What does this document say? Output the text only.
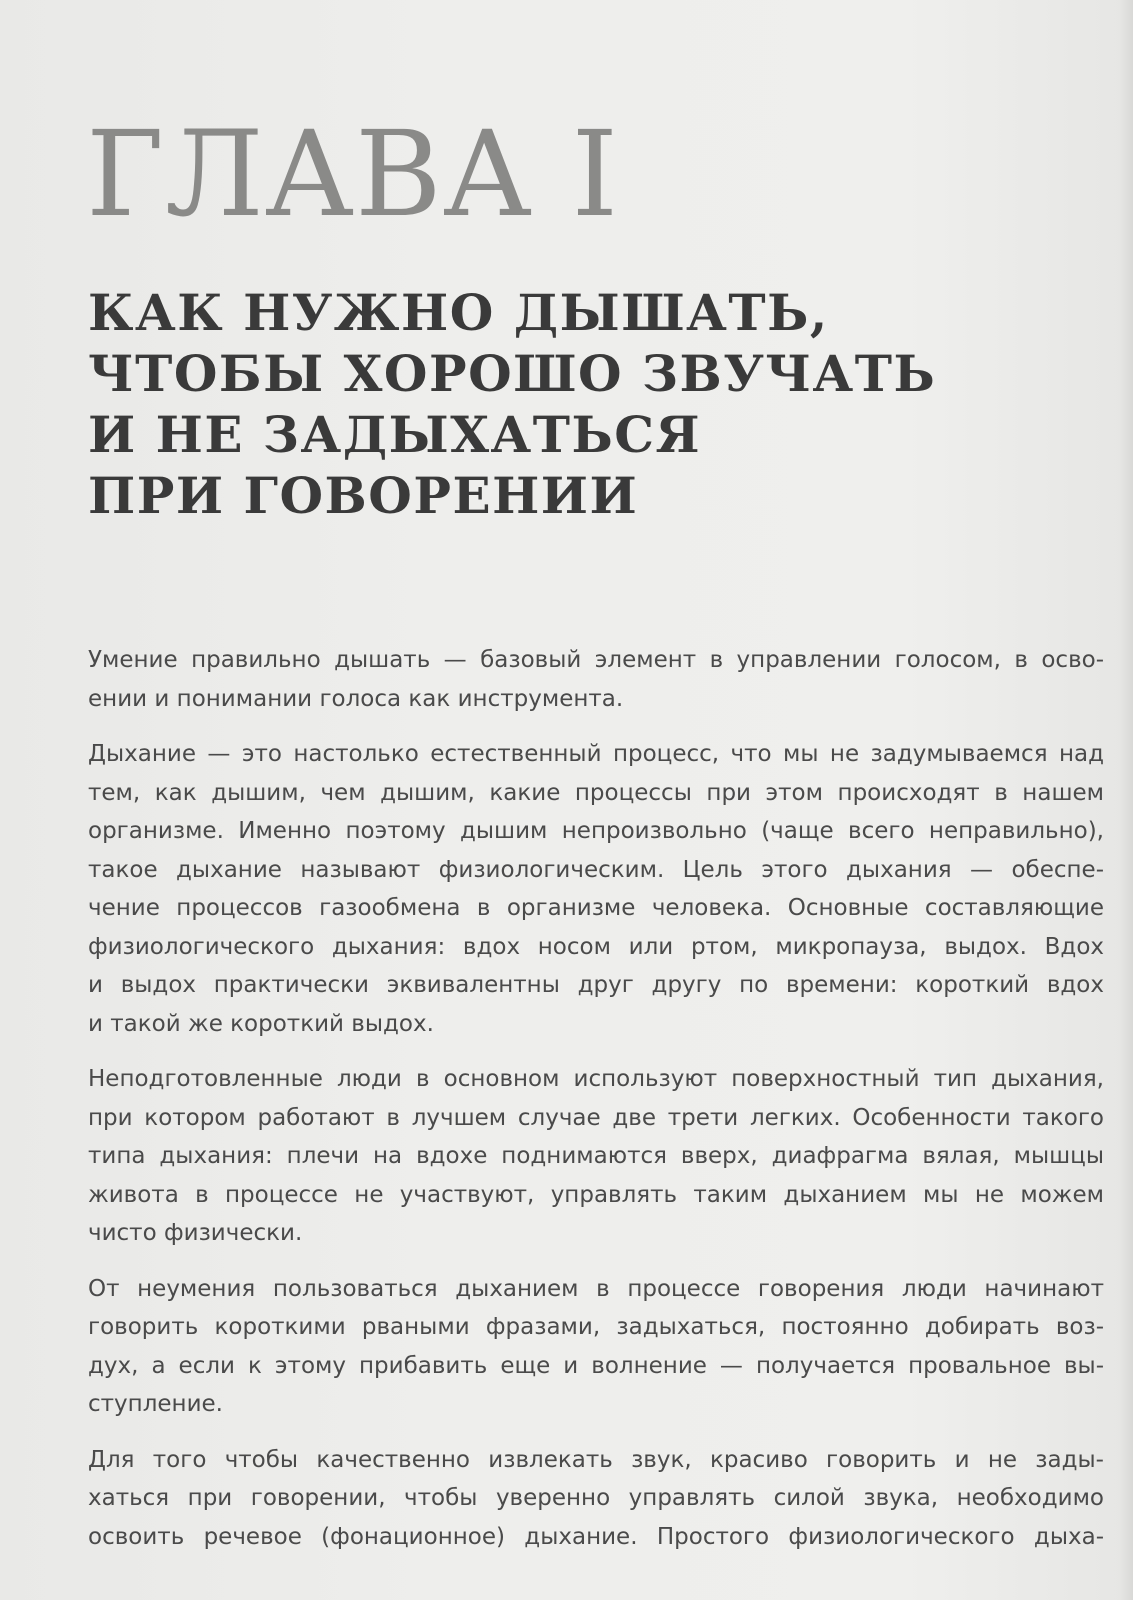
ГЛАВА I
КАК НУЖНО ДЫШАТЬ,
ЧТОБЫ ХОРОШО ЗВУЧАТЬ
И НЕ ЗАДЫХАТЬСЯ
ПРИ ГОВОРЕНИИ

Умение правильно дышать — базовый элемент в управлении голосом, в осво-
ении и понимании голоса как инструмента.

Дыхание — это настолько естественный процесс, что мы не задумываемся над
тем, как дышим, чем дышим, какие процессы при этом происходят в нашем
организме. Именно поэтому дышим непроизвольно (чаще всего неправильно),
такое дыхание называют физиологическим. Цель этого дыхания — обеспе-
чение процессов газообмена в организме человека. Основные составляющие
физиологического дыхания: вдох носом или ртом, микропауза, выдох. Вдох
и выдох практически эквивалентны друг другу по времени: короткий вдох
и такой же короткий выдох.

Неподготовленные люди в основном используют поверхностный тип дыхания,
при котором работают в лучшем случае две трети легких. Особенности такого
типа дыхания: плечи на вдохе поднимаются вверх, диафрагма вялая, мышцы
живота в процессе не участвуют, управлять таким дыханием мы не можем
чисто физически.

От неумения пользоваться дыханием в процессе говорения люди начинают
говорить короткими рваными фразами, задыхаться, постоянно добирать воз-
дух, а если к этому прибавить еще и волнение — получается провальное вы-
ступление.

Для того чтобы качественно извлекать звук, красиво говорить и не зады-
хаться при говорении, чтобы уверенно управлять силой звука, необходимо
освоить речевое (фонационное) дыхание. Простого физиологического дыха-
